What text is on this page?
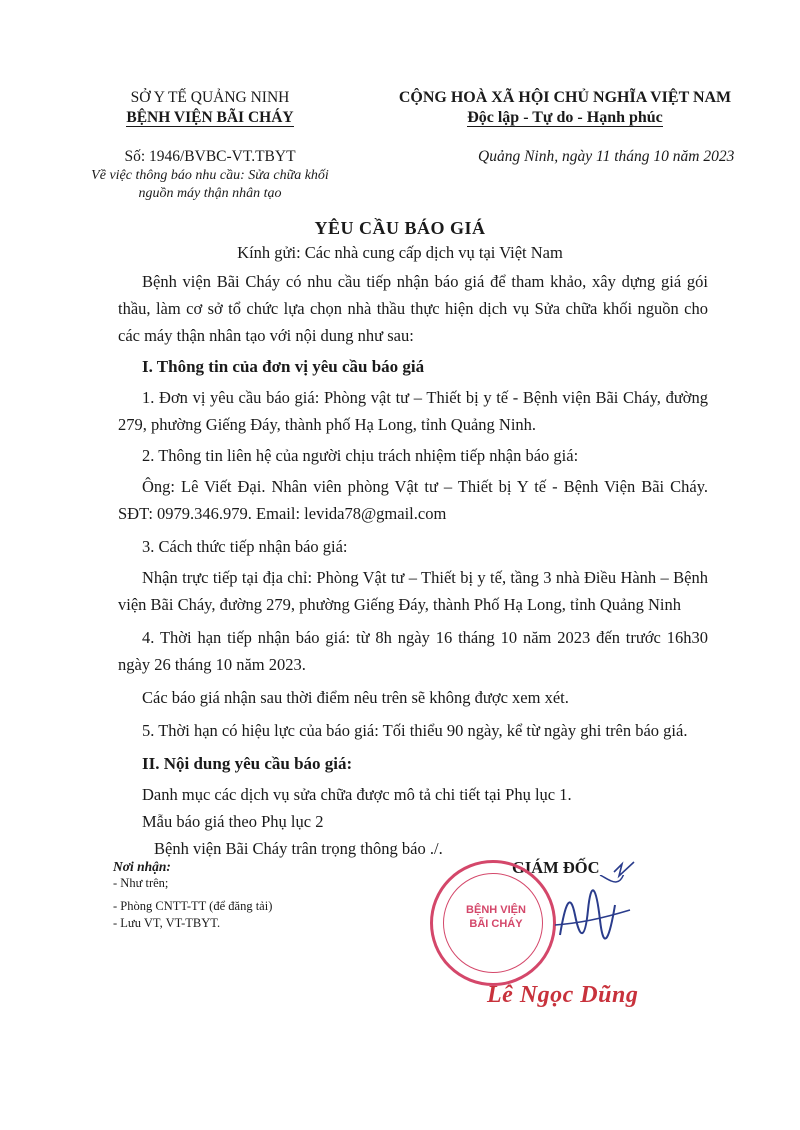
SỞ Y TẾ QUẢNG NINH
BỆNH VIỆN BÃI CHÁY
Số: 1946/BVBC-VT.TBYT
Về việc thông báo nhu cầu: Sửa chữa khối
nguồn máy thận nhân tạo
CỘNG HOÀ XÃ HỘI CHỦ NGHĨA VIỆT NAM
Độc lập - Tự do - Hạnh phúc
Quảng Ninh, ngày 11 tháng 10 năm 2023
YÊU CẦU BÁO GIÁ
Kính gửi: Các nhà cung cấp dịch vụ tại Việt Nam

Bệnh viện Bãi Cháy có nhu cầu tiếp nhận báo giá để tham khảo, xây dựng giá gói thầu, làm cơ sở tổ chức lựa chọn nhà thầu thực hiện dịch vụ Sửa chữa khối nguồn cho các máy thận nhân tạo với nội dung như sau:

I. Thông tin của đơn vị yêu cầu báo giá

1. Đơn vị yêu cầu báo giá: Phòng vật tư – Thiết bị y tế - Bệnh viện Bãi Cháy, đường 279, phường Giếng Đáy, thành phố Hạ Long, tỉnh Quảng Ninh.

2. Thông tin liên hệ của người chịu trách nhiệm tiếp nhận báo giá:

Ông: Lê Viết Đại. Nhân viên phòng Vật tư – Thiết bị Y tế - Bệnh Viện Bãi Cháy. SĐT: 0979.346.979. Email: levida78@gmail.com

3. Cách thức tiếp nhận báo giá:

Nhận trực tiếp tại địa chỉ: Phòng Vật tư – Thiết bị y tế, tầng 3 nhà Điều Hành – Bệnh viện Bãi Cháy, đường 279, phường Giếng Đáy, thành Phố Hạ Long, tỉnh Quảng Ninh

4. Thời hạn tiếp nhận báo giá: từ 8h ngày 16 tháng 10 năm 2023 đến trước 16h30 ngày 26 tháng 10 năm 2023.

Các báo giá nhận sau thời điểm nêu trên sẽ không được xem xét.

5. Thời hạn có hiệu lực của báo giá: Tối thiểu 90 ngày, kể từ ngày ghi trên báo giá.

II. Nội dung yêu cầu báo giá:

Danh mục các dịch vụ sửa chữa được mô tả chi tiết tại Phụ lục 1.

Mẫu báo giá theo Phụ lục 2

Bệnh viện Bãi Cháy trân trọng thông báo ./.

Nơi nhận:
- Như trên;
- Phòng CNTT-TT (để đăng tải)
- Lưu VT, VT-TBYT.
GIÁM ĐỐC
BỆNH VIỆN
BÃI CHÁY
Lê Ngọc Dũng
